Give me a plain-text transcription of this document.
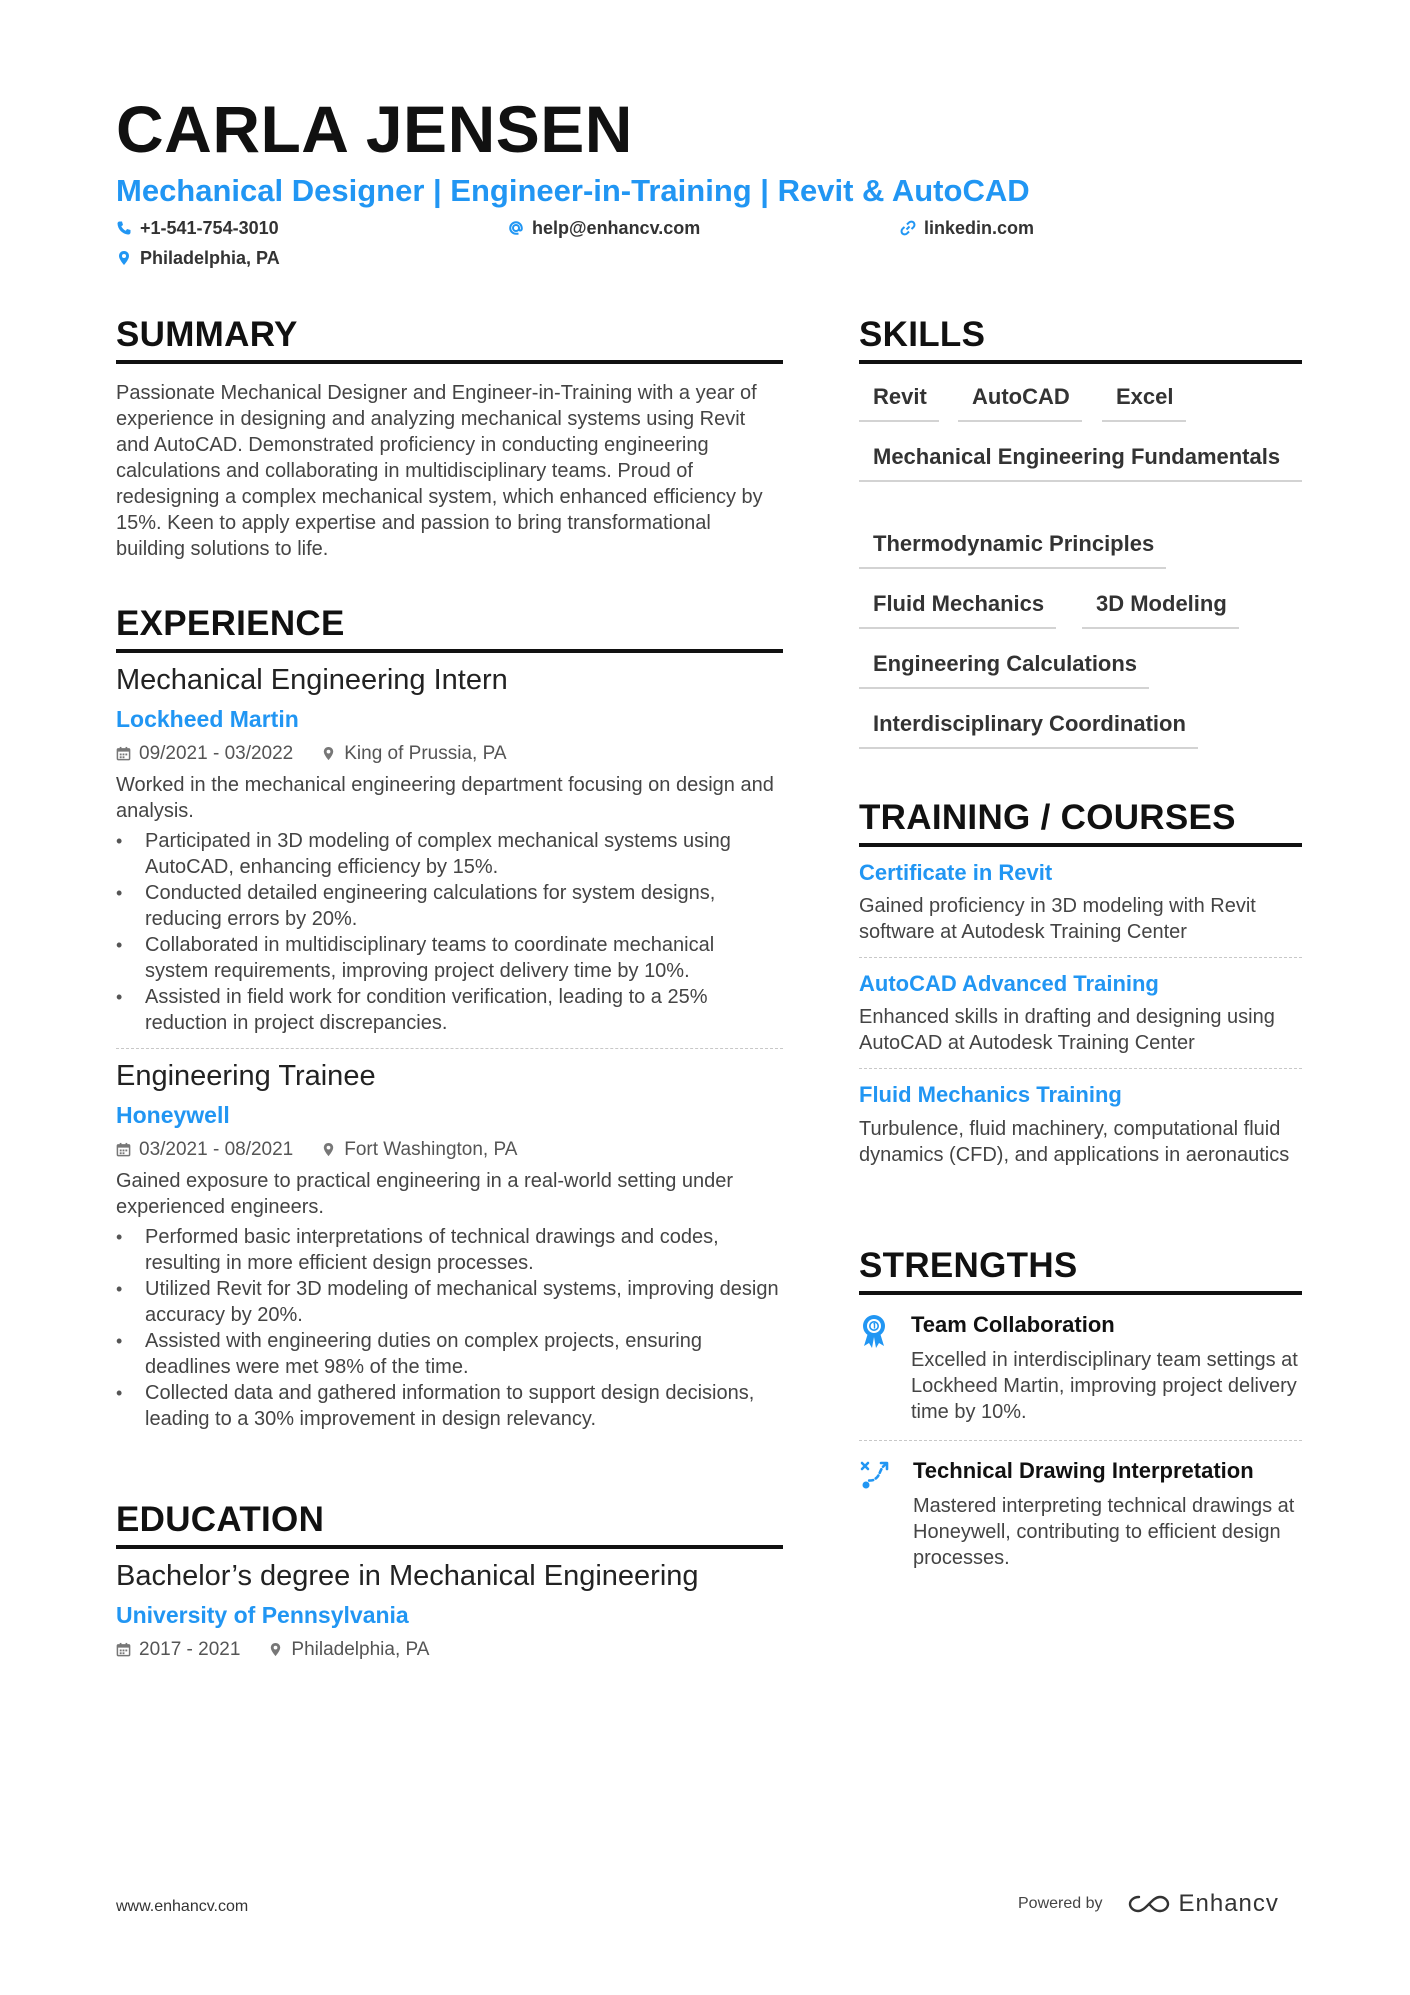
CARLA JENSEN
Mechanical Designer | Engineer-in-Training | Revit & AutoCAD
+1-541-754-3010	help@enhancv.com	linkedin.com
Philadelphia, PA
SUMMARY
Passionate Mechanical Designer and Engineer-in-Training with a year of experience in designing and analyzing mechanical systems using Revit and AutoCAD. Demonstrated proficiency in conducting engineering calculations and collaborating in multidisciplinary teams. Proud of redesigning a complex mechanical system, which enhanced efficiency by 15%. Keen to apply expertise and passion to bring transformational building solutions to life.
EXPERIENCE
Mechanical Engineering Intern
Lockheed Martin
09/2021 - 03/2022	King of Prussia, PA
Worked in the mechanical engineering department focusing on design and analysis.
• Participated in 3D modeling of complex mechanical systems using AutoCAD, enhancing efficiency by 15%.
• Conducted detailed engineering calculations for system designs, reducing errors by 20%.
• Collaborated in multidisciplinary teams to coordinate mechanical system requirements, improving project delivery time by 10%.
• Assisted in field work for condition verification, leading to a 25% reduction in project discrepancies.
Engineering Trainee
Honeywell
03/2021 - 08/2021	Fort Washington, PA
Gained exposure to practical engineering in a real-world setting under experienced engineers.
• Performed basic interpretations of technical drawings and codes, resulting in more efficient design processes.
• Utilized Revit for 3D modeling of mechanical systems, improving design accuracy by 20%.
• Assisted with engineering duties on complex projects, ensuring deadlines were met 98% of the time.
• Collected data and gathered information to support design decisions, leading to a 30% improvement in design relevancy.
EDUCATION
Bachelor’s degree in Mechanical Engineering
University of Pennsylvania
2017 - 2021	Philadelphia, PA
SKILLS
Revit	AutoCAD	Excel
Mechanical Engineering Fundamentals
Thermodynamic Principles
Fluid Mechanics	3D Modeling
Engineering Calculations
Interdisciplinary Coordination
TRAINING / COURSES
Certificate in Revit
Gained proficiency in 3D modeling with Revit software at Autodesk Training Center
AutoCAD Advanced Training
Enhanced skills in drafting and designing using AutoCAD at Autodesk Training Center
Fluid Mechanics Training
Turbulence, fluid machinery, computational fluid dynamics (CFD), and applications in aeronautics
STRENGTHS
Team Collaboration
Excelled in interdisciplinary team settings at Lockheed Martin, improving project delivery time by 10%.
Technical Drawing Interpretation
Mastered interpreting technical drawings at Honeywell, contributing to efficient design processes.
www.enhancv.com	Powered by	Enhancv
